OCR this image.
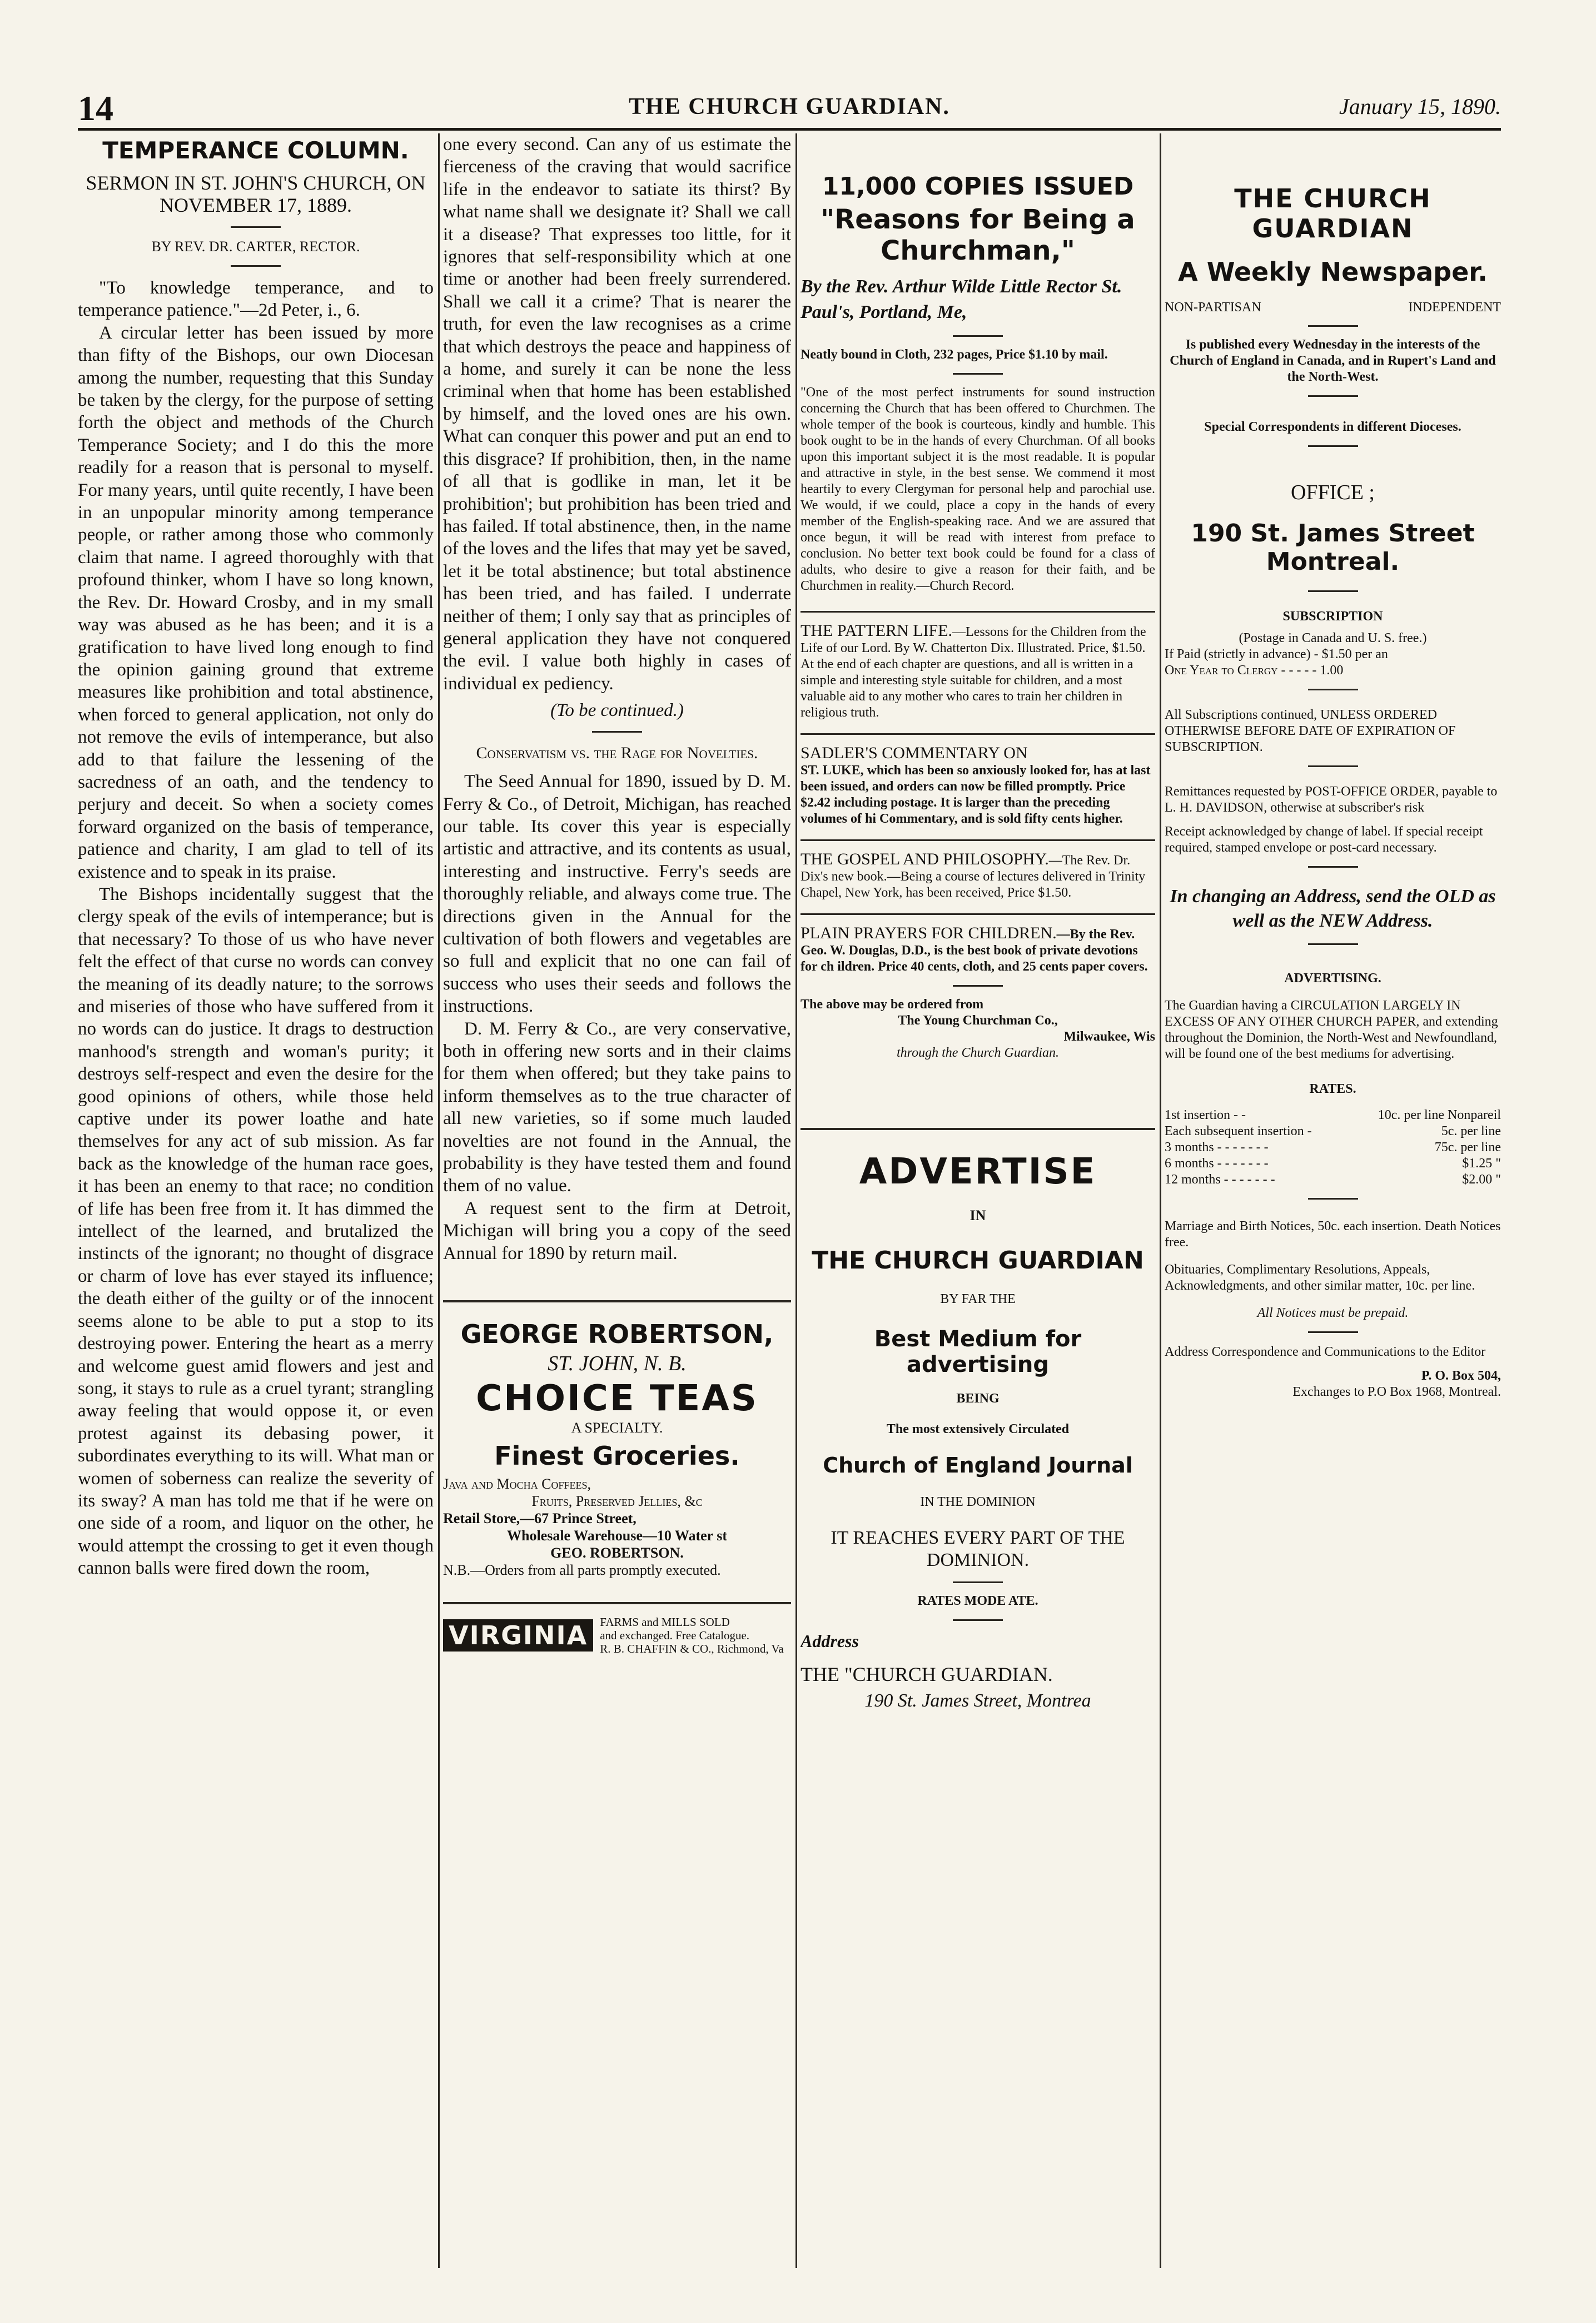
14	THE CHURCH GUARDIAN.	January 15, 1890.
TEMPERANCE COLUMN.
SERMON IN ST. JOHN'S CHURCH, ON NOVEMBER 17, 1889.
BY REV. DR. CARTER, RECTOR.

"To knowledge temperance, and to temperance patience."—2d Peter, i., 6.

A circular letter has been issued by more than fifty of the Bishops, our own Diocesan among the number, requesting that this Sunday be taken by the clergy, for the purpose of setting forth the object and methods of the Church Temperance Society; and I do this the more readily for a reason that is personal to myself. For many years, until quite recently, I have been in an unpopular minority among temperance people, or rather among those who commonly claim that name. I agreed thoroughly with that profound thinker, whom I have so long known, the Rev. Dr. Howard Crosby, and in my small way was abused as he has been; and it is a gratification to have lived long enough to find the opinion gaining ground that extreme measures like prohibition and total abstinence, when forced to general application, not only do not remove the evils of intemperance, but also add to that failure the lessening of the sacredness of an oath, and the tendency to perjury and deceit. So when a society comes forward organized on the basis of temperance, patience and charity, I am glad to tell of its existence and to speak in its praise.

The Bishops incidentally suggest that the clergy speak of the evils of intemperance; but is that necessary? To those of us who have never felt the effect of that curse no words can convey the meaning of its deadly nature; to the sorrows and miseries of those who have suffered from it no words can do justice. It drags to destruction manhood's strength and woman's purity; it destroys self-respect and even the desire for the good opinions of others, while those held captive under its power loathe and hate themselves for any act of sub mission. As far back as the knowledge of the human race goes, it has been an enemy to that race; no condition of life has been free from it. It has dimmed the intellect of the learned, and brutalized the instincts of the ignorant; no thought of disgrace or charm of love has ever stayed its influence; the death either of the guilty or of the innocent seems alone to be able to put a stop to its destroying power. Entering the heart as a merry and welcome guest amid flowers and jest and song, it stays to rule as a cruel tyrant; strangling away feeling that would oppose it, or even protest against its debasing power, it subordinates everything to its will. What man or women of soberness can realize the severity of its sway? A man has told me that if he were on one side of a room, and liquor on the other, he would attempt the crossing to get it even though cannon balls were fired down the room,

one every second. Can any of us estimate the fierceness of the craving that would sacrifice life in the endeavor to satiate its thirst? By what name shall we designate it? Shall we call it a disease? That expresses too little, for it ignores that self-responsibility which at one time or another had been freely surrendered. Shall we call it a crime? That is nearer the truth, for even the law recognises as a crime that which destroys the peace and happiness of a home, and surely it can be none the less criminal when that home has been established by himself, and the loved ones are his own. What can conquer this power and put an end to this disgrace? If prohibition, then, in the name of all that is godlike in man, let it be prohibition'; but prohibition has been tried and has failed. If total abstinence, then, in the name of the loves and the lifes that may yet be saved, let it be total abstinence; but total abstinence has been tried, and has failed. I underrate neither of them; I only say that as principles of general application they have not conquered the evil. I value both highly in cases of individual ex pediency.

(To be continued.)
Conservatism vs. the Rage for Novelties.

The Seed Annual for 1890, issued by D. M. Ferry & Co., of Detroit, Michigan, has reached our table. Its cover this year is especially artistic and attractive, and its contents as usual, interesting and instructive. Ferry's seeds are thoroughly reliable, and always come true. The directions given in the Annual for the cultivation of both flowers and vegetables are so full and explicit that no one can fail of success who uses their seeds and follows the instructions.

D. M. Ferry & Co., are very conservative, both in offering new sorts and in their claims for them when offered; but they take pains to inform themselves as to the true character of all new varieties, so if some much lauded novelties are not found in the Annual, the probability is they have tested them and found them of no value.

A request sent to the firm at Detroit, Michigan will bring you a copy of the seed Annual for 1890 by return mail.

GEORGE ROBERTSON,
ST. JOHN, N. B.
CHOICE TEAS
A SPECIALTY.
Finest Groceries.
Java and Mocha Coffees,
Fruits, Preserved Jellies, &c
Retail Store,—67 Prince Street,
Wholesale Warehouse—10 Water st
GEO. ROBERTSON.
N.B.—Orders from all parts promptly executed.
VIRGINIA	FARMS and MILLS SOLD
and exchanged. Free Catalogue.
R. B. CHAFFIN & CO., Richmond, Va
11,000 COPIES ISSUED
"Reasons for Being a Churchman,"
By the Rev. Arthur Wilde Little Rector St. Paul's, Portland, Me,
Neatly bound in Cloth, 232 pages, Price $1.10 by mail.
"One of the most perfect instruments for sound instruction concerning the Church that has been offered to Churchmen. The whole temper of the book is courteous, kindly and humble. This book ought to be in the hands of every Churchman. Of all books upon this important subject it is the most readable. It is popular and attractive in style, in the best sense. We commend it most heartily to every Clergyman for personal help and parochial use. We would, if we could, place a copy in the hands of every member of the English-speaking race. And we are assured that once begun, it will be read with interest from preface to conclusion. No better text book could be found for a class of adults, who desire to give a reason for their faith, and be Churchmen in reality.—Church Record.
THE PATTERN LIFE.—Lessons for the Children from the Life of our Lord. By W. Chatterton Dix. Illustrated. Price, $1.50.
At the end of each chapter are questions, and all is written in a simple and interesting style suitable for children, and a most valuable aid to any mother who cares to train her children in religious truth.
SADLER'S COMMENTARY ON
ST. LUKE, which has been so anxiously looked for, has at last been issued, and orders can now be filled promptly. Price $2.42 including postage. It is larger than the preceding volumes of hi Commentary, and is sold fifty cents higher.
THE GOSPEL AND PHILOSOPHY.—The Rev. Dr. Dix's new book.—Being a course of lectures delivered in Trinity Chapel, New York, has been received, Price $1.50.
PLAIN PRAYERS FOR CHILDREN.—By the Rev. Geo. W. Douglas, D.D., is the best book of private devotions for ch ildren. Price 40 cents, cloth, and 25 cents paper covers.
The above may be ordered from
The Young Churchman Co.,
Milwaukee, Wis
through the Church Guardian.
ADVERTISE
IN
THE CHURCH GUARDIAN
BY FAR THE
Best Medium for advertising
BEING
The most extensively Circulated
Church of England Journal
IN THE DOMINION
IT REACHES EVERY PART OF THE DOMINION.
RATES MODE ATE.
Address
THE "CHURCH GUARDIAN.
190 St. James Street, Montrea
THE CHURCH GUARDIAN
A Weekly Newspaper.
NON-PARTISAN	INDEPENDENT
Is published every Wednesday in the interests of the Church of England in Canada, and in Rupert's Land and the North-West.
Special Correspondents in different Dioceses.
OFFICE ;
190 St. James Street Montreal.
SUBSCRIPTION
(Postage in Canada and U. S. free.)
If Paid (strictly in advance) - $1.50 per an
One Year to Clergy - - - - - 1.00
All Subscriptions continued, UNLESS ORDERED OTHERWISE BEFORE DATE OF EXPIRATION OF SUBSCRIPTION.
Remittances requested by POST-OFFICE ORDER, payable to L. H. DAVIDSON, otherwise at subscriber's risk
Receipt acknowledged by change of label. If special receipt required, stamped envelope or post-card necessary.
In changing an Address, send the OLD as well as the NEW Address.
ADVERTISING.
The Guardian having a CIRCULATION LARGELY IN EXCESS OF ANY OTHER CHURCH PAPER, and extending throughout the Dominion, the North-West and Newfoundland, will be found one of the best mediums for advertising.
RATES.
1st insertion - -	10c. per line Nonpareil
Each subsequent insertion -	5c. per line
3 months - - - - - - -	75c. per line
6 months - - - - - - -	$1.25 "
12 months - - - - - - -	$2.00 "
Marriage and Birth Notices, 50c. each insertion. Death Notices free.
Obituaries, Complimentary Resolutions, Appeals, Acknowledgments, and other similar matter, 10c. per line.
All Notices must be prepaid.
Address Correspondence and Communications to the Editor
P. O. Box 504,
Exchanges to P.O Box 1968, Montreal.
